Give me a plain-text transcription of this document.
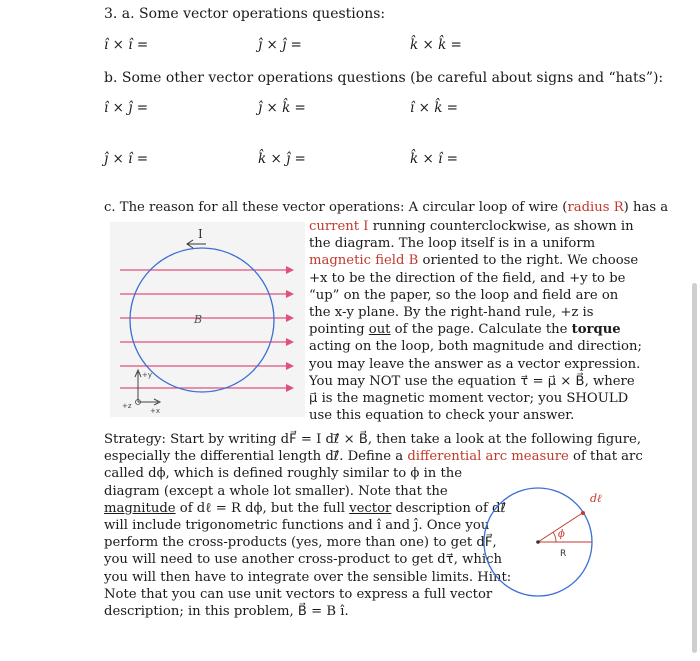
3. a. Some vector operations questions:
î × î =	ĵ × ĵ =	k̂ × k̂ =
b. Some other vector operations questions (be careful about signs and “hats”):
î × ĵ =	ĵ × k̂ =	î × k̂ =
ĵ × î =	k̂ × ĵ =	k̂ × î =
c. The reason for all these vector operations: A circular loop of wire (radius R) has a
current I running counterclockwise, as shown in the diagram. The loop itself is in a uniform magnetic field B oriented to the right. We choose +x to be the direction of the field, and +y to be “up” on the paper, so the loop and field are on the x-y plane. By the right-hand rule, +z is pointing out of the page. Calculate the torque acting on the loop, both magnitude and direction; you may leave the answer as a vector expression. You may NOT use the equation τ⃗ = μ⃗ × B⃗, where μ⃗ is the magnetic moment vector; you SHOULD use this equation to check your answer.
I
B
+y
+x
+z
Strategy: Start by writing dF⃗ = I dℓ⃗ × B⃗, then take a look at the following figure, especially the differential length dℓ⃗. Define a differential arc measure of that arc called dϕ, which is defined roughly similar to ϕ in the diagram (except a whole lot smaller). Note that the magnitude of dℓ = R dϕ, but the full vector description of dℓ⃗ will include trigonometric functions and î and ĵ. Once you perform the cross-products (yes, more than one) to get dF⃗, you will need to use another cross-product to get dτ⃗, which you will then have to integrate over the sensible limits. Hint: Note that you can use unit vectors to express a full vector description; in this problem, B⃗ = B î.
dℓ
ϕ
R
